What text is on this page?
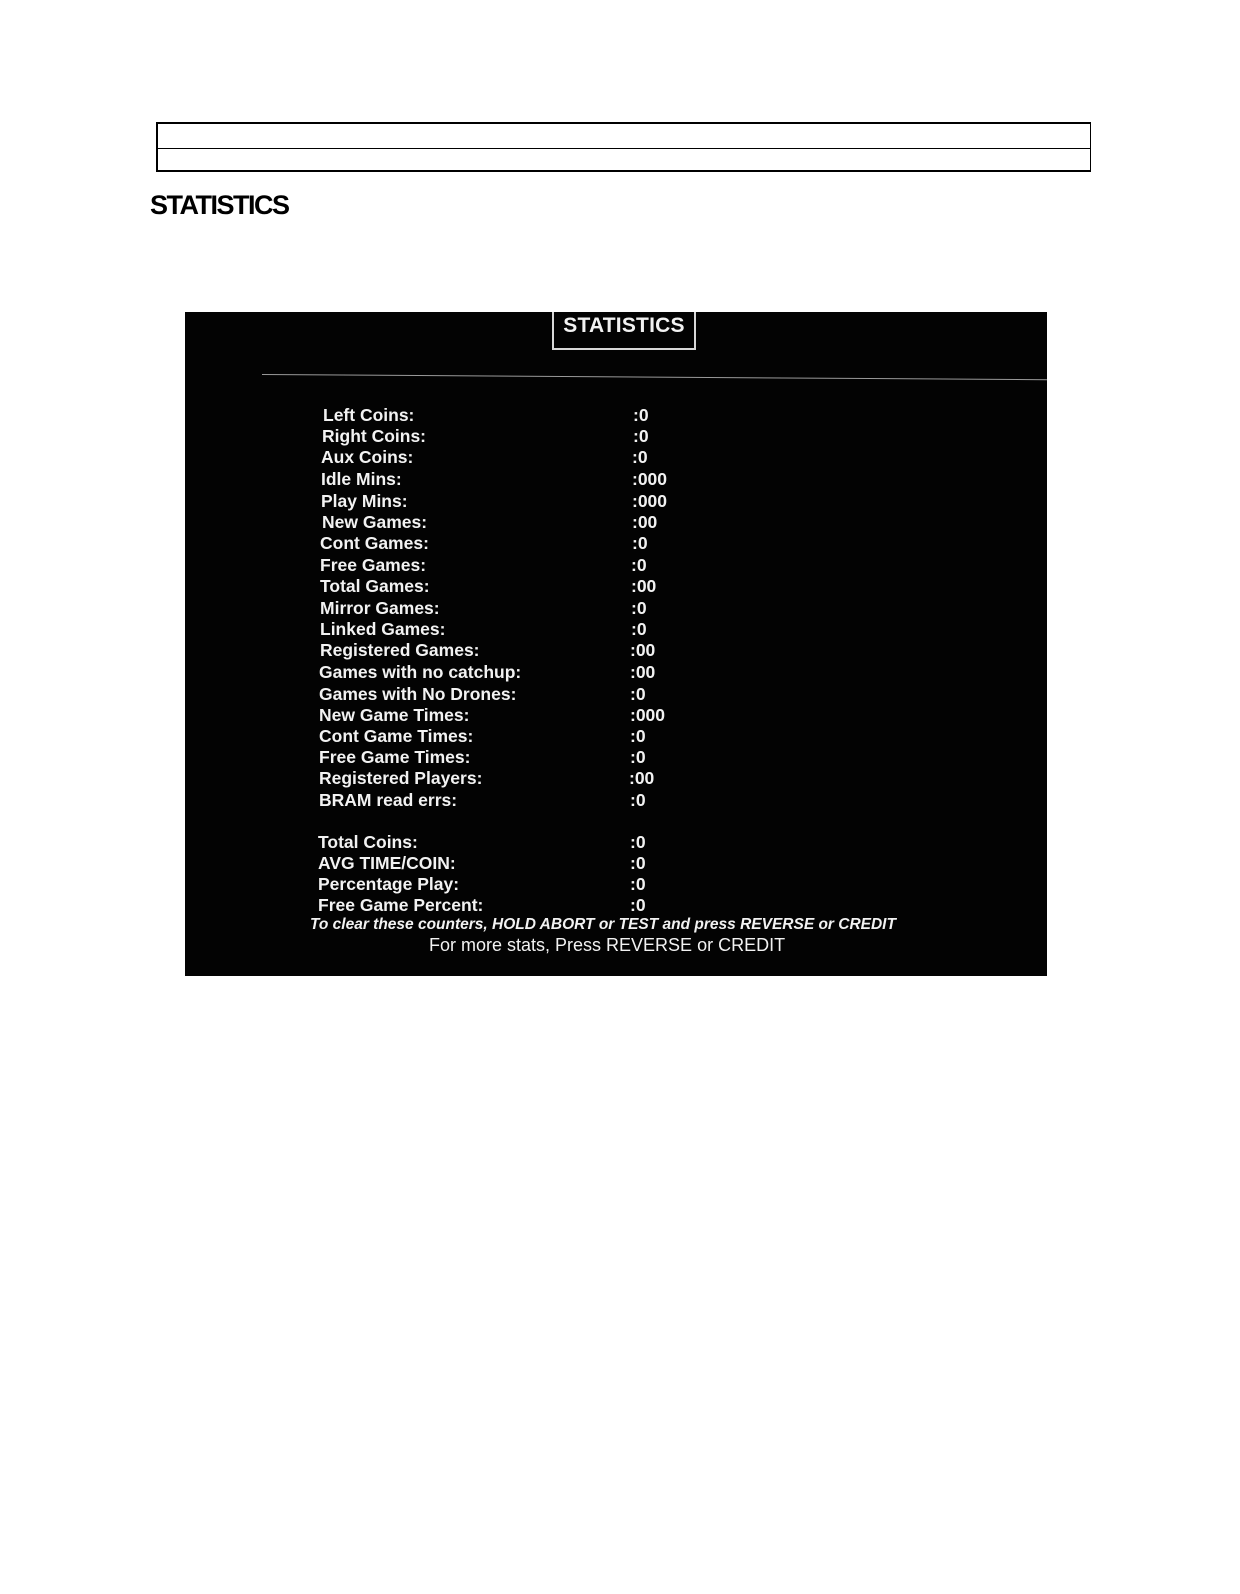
STATISTICS
STATISTICS
Left Coins:	:0
Right Coins:	:0
Aux Coins:	:0
Idle Mins:	:000
Play Mins:	:000
New Games:	:00
Cont Games:	:0
Free Games:	:0
Total Games:	:00
Mirror Games:	:0
Linked Games:	:0
Registered Games:	:00
Games with no catchup:	:00
Games with No Drones:	:0
New Game Times:	:000
Cont Game Times:	:0
Free Game Times:	:0
Registered Players:	:00
BRAM read errs:	:0
Total Coins:	:0
AVG TIME/COIN:	:0
Percentage Play:	:0
Free Game Percent:	:0
To clear these counters, HOLD ABORT or TEST and press REVERSE or CREDIT
For more stats, Press REVERSE or CREDIT
